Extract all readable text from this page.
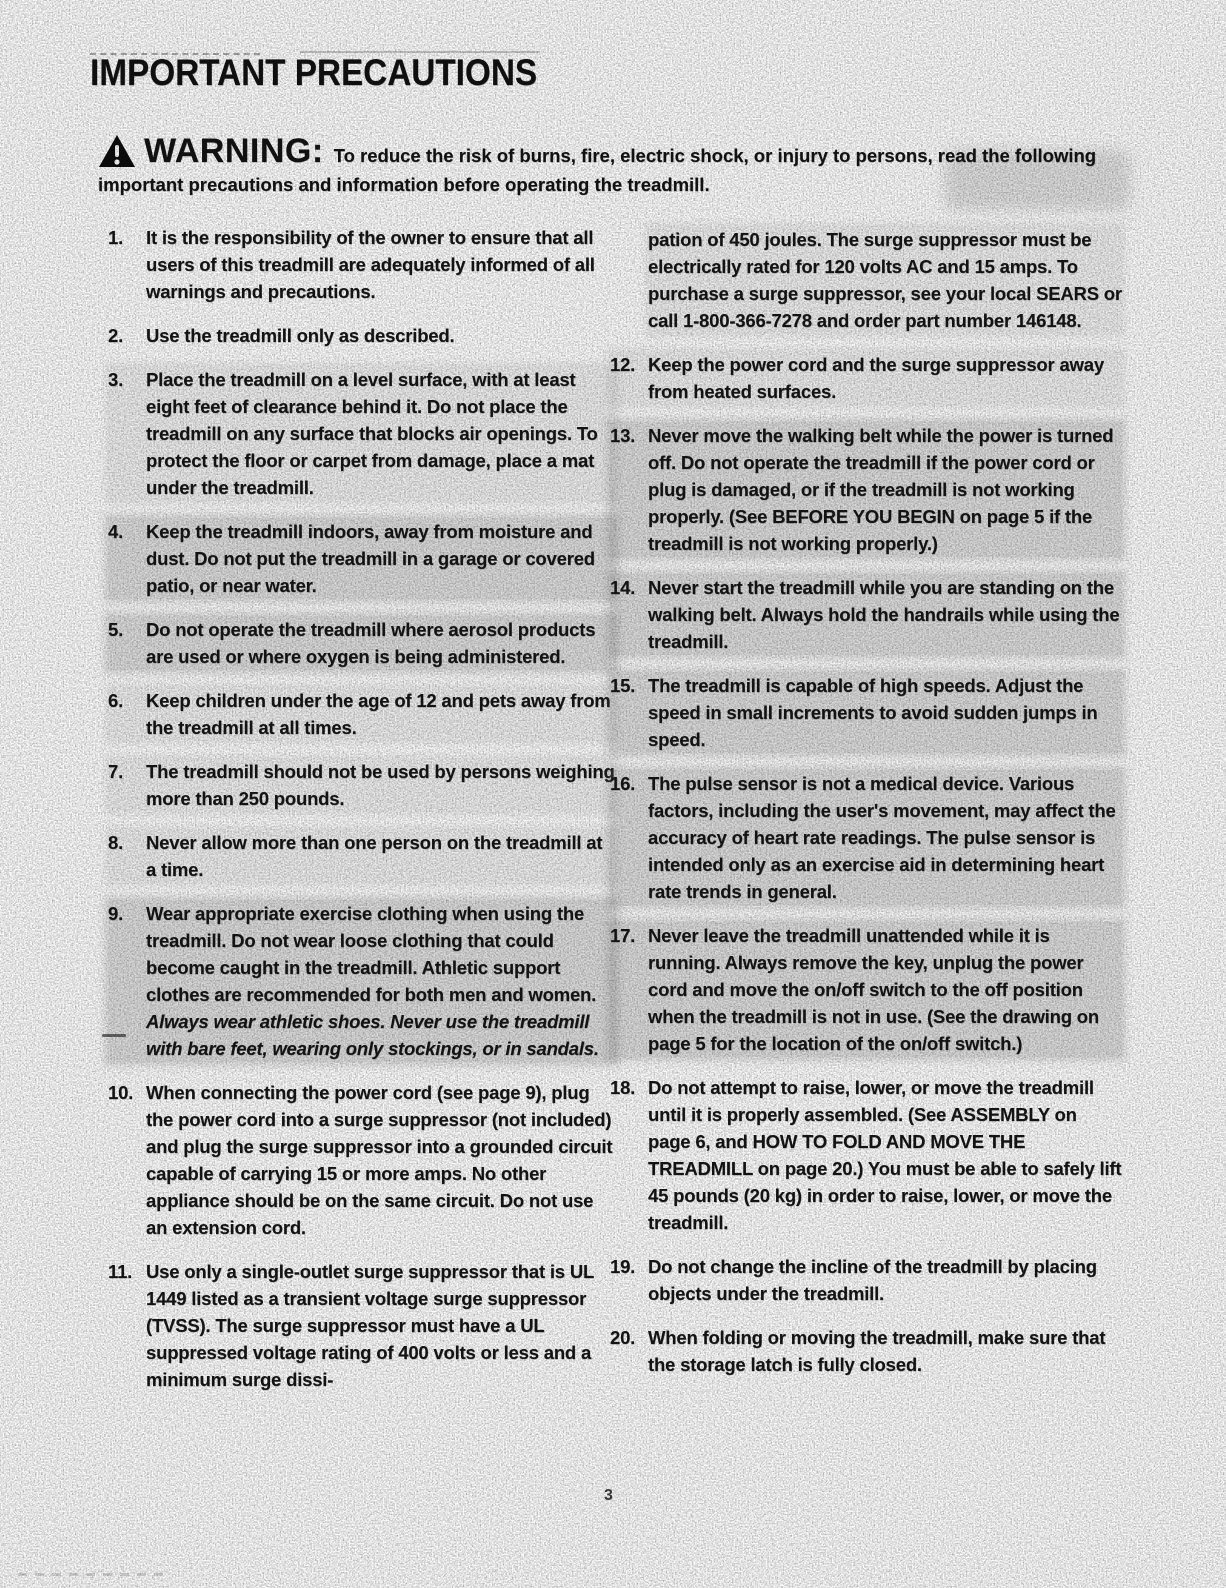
IMPORTANT PRECAUTIONS

WARNING: To reduce the risk of burns, fire, electric shock, or injury to persons, read the following important precautions and information before operating the treadmill.

1.	It is the responsibility of the owner to ensure that all users of this treadmill are adequately informed of all warnings and precautions.
2.	Use the treadmill only as described.
3.	Place the treadmill on a level surface, with at least eight feet of clearance behind it. Do not place the treadmill on any surface that blocks air openings. To protect the floor or carpet from damage, place a mat under the treadmill.
4.	Keep the treadmill indoors, away from moisture and dust. Do not put the treadmill in a garage or covered patio, or near water.
5.	Do not operate the treadmill where aerosol products are used or where oxygen is being administered.
6.	Keep children under the age of 12 and pets away from the treadmill at all times.
7.	The treadmill should not be used by persons weighing more than 250 pounds.
8.	Never allow more than one person on the treadmill at a time.
9.	Wear appropriate exercise clothing when using the treadmill. Do not wear loose clothing that could become caught in the treadmill. Athletic support clothes are recommended for both men and women. Always wear athletic shoes. Never use the treadmill with bare feet, wearing only stockings, or in sandals.
10. When connecting the power cord (see page 9), plug the power cord into a surge suppressor (not included) and plug the surge suppressor into a grounded circuit capable of carrying 15 or more amps. No other appliance should be on the same circuit. Do not use an extension cord.
11. Use only a single-outlet surge suppressor that is UL 1449 listed as a transient voltage surge suppressor (TVSS). The surge suppressor must have a UL suppressed voltage rating of 400 volts or less and a minimum surge dissi-

pation of 450 joules. The surge suppressor must be electrically rated for 120 volts AC and 15 amps. To purchase a surge suppressor, see your local SEARS or call 1-800-366-7278 and order part number 146148.

12. Keep the power cord and the surge suppressor away from heated surfaces.
13. Never move the walking belt while the power is turned off. Do not operate the treadmill if the power cord or plug is damaged, or if the treadmill is not working properly. (See BEFORE YOU BEGIN on page 5 if the treadmill is not working properly.)
14. Never start the treadmill while you are standing on the walking belt. Always hold the handrails while using the treadmill.
15. The treadmill is capable of high speeds. Adjust the speed in small increments to avoid sudden jumps in speed.
16. The pulse sensor is not a medical device. Various factors, including the user's movement, may affect the accuracy of heart rate readings. The pulse sensor is intended only as an exercise aid in determining heart rate trends in general.
17. Never leave the treadmill unattended while it is running. Always remove the key, unplug the power cord and move the on/off switch to the off position when the treadmill is not in use. (See the drawing on page 5 for the location of the on/off switch.)
18. Do not attempt to raise, lower, or move the treadmill until it is properly assembled. (See ASSEMBLY on page 6, and HOW TO FOLD AND MOVE THE TREADMILL on page 20.) You must be able to safely lift 45 pounds (20 kg) in order to raise, lower, or move the treadmill.
19. Do not change the incline of the treadmill by placing objects under the treadmill.
20. When folding or moving the treadmill, make sure that the storage latch is fully closed.
3
